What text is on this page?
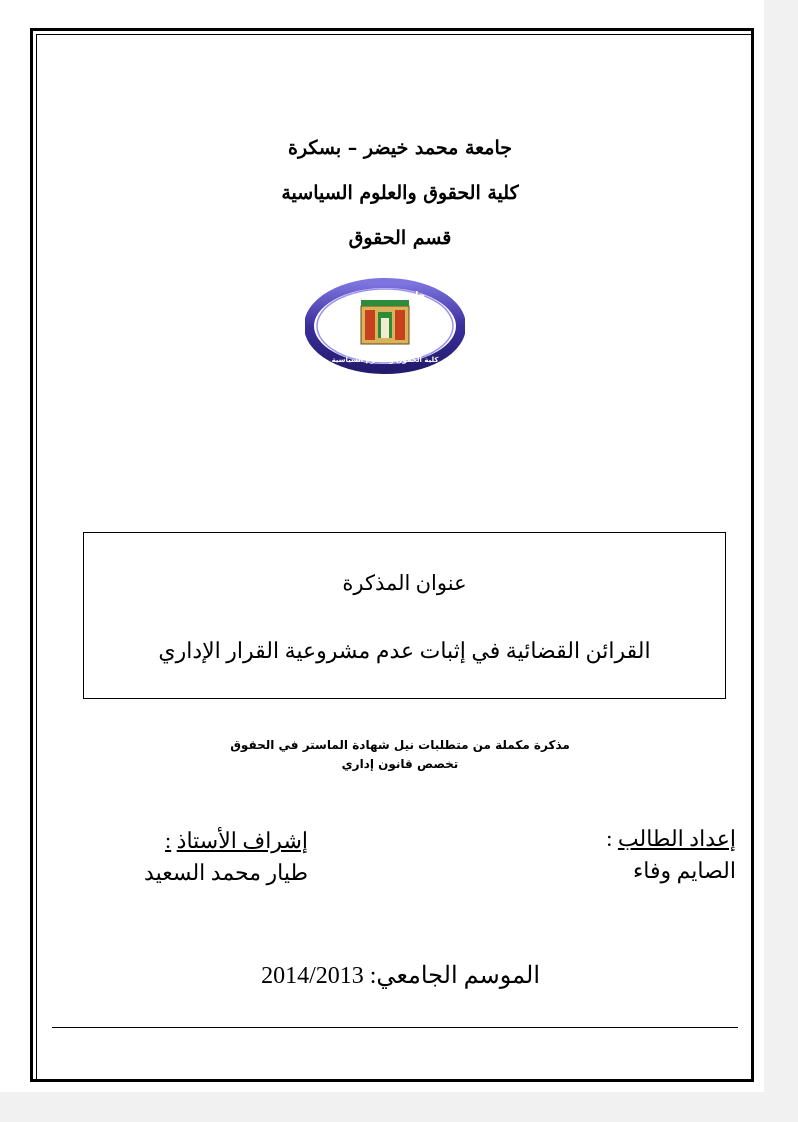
جامعة محمد خيضر – بسكرة
كلية الحقوق والعلوم السياسية
قسم الحقوق
جامعة محمد خيضر
كلية الحقوق و العلوم السياسية
عنوان المذكرة
القرائن القضائية في إثبات عدم مشروعية القرار الإداري
مذكرة مكملة من متطلبات نيل شهادة الماستر في الحقوق
تخصص قانون إداري
إعداد الطالب :
الصايم وفاء
إشراف الأستاذ :
طيار محمد السعيد
الموسم الجامعي: 2014/2013
